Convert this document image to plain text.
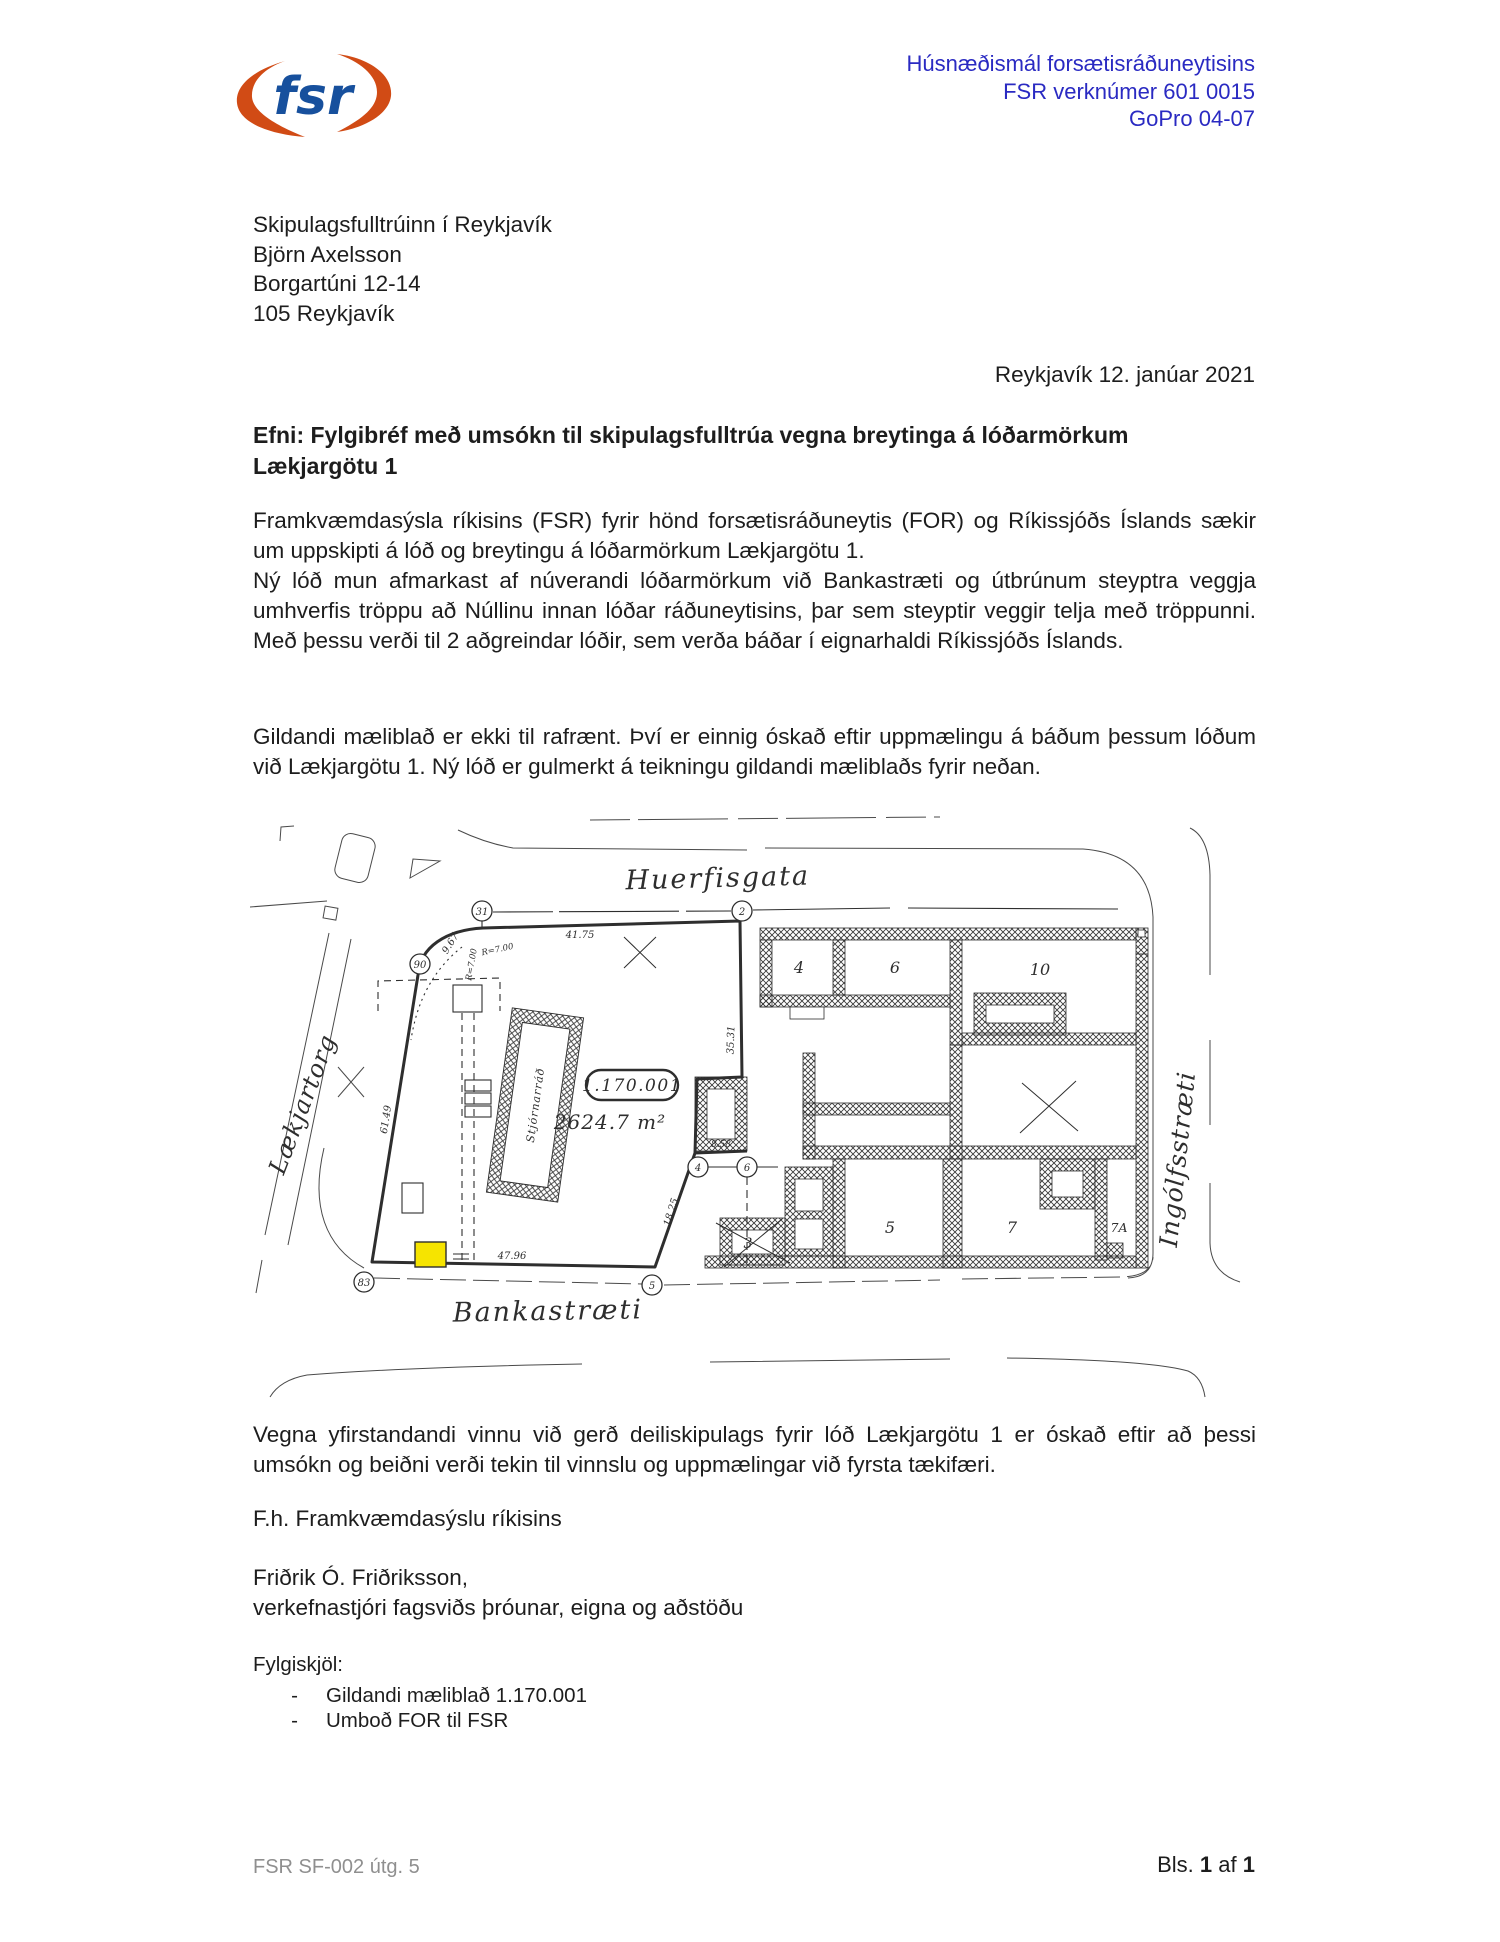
fsr
Húsnæðismál forsætisráðuneytisins
FSR verknúmer 601 0015
GoPro 04-07
Skipulagsfulltrúinn í Reykjavík
Björn Axelsson
Borgartúni 12-14
105 Reykjavík
Reykjavík 12. janúar 2021
Efni: Fylgibréf með umsókn til skipulagsfulltrúa vegna breytinga á lóðarmörkum Lækjargötu 1

Framkvæmdasýsla ríkisins (FSR) fyrir hönd forsætisráðuneytis (FOR) og Ríkissjóðs Íslands sækir um uppskipti á lóð og breytingu á lóðarmörkum Lækjargötu 1.

Ný lóð mun afmarkast af núverandi lóðarmörkum við Bankastræti og útbrúnum steyptra veggja umhverfis tröppu að Núllinu innan lóðar ráðuneytisins, þar sem steyptir veggir telja með tröppunni. Með þessu verði til 2 aðgreindar lóðir, sem verða báðar í eignarhaldi Ríkissjóðs Íslands.

Gildandi mæliblað er ekki til rafrænt. Því er einnig óskað eftir uppmælingu á báðum þessum lóðum við Lækjargötu 1. Ný lóð er gulmerkt á teikningu gildandi mæliblaðs fyrir neðan.

Stjórnarráð 1.170.001
2624.7 m²
Huerfisgata
Bankastræti
Lækjartorg	Ingólfsstræti
4	6	10
5	7	7A
3
31	2
90
83	5
4	6
41.75
35.31
8.58
18.25
47.96
61.49
9.67
R=7.00 R=7.00

Vegna yfirstandandi vinnu við gerð deiliskipulags fyrir lóð Lækjargötu 1 er óskað eftir að þessi umsókn og beiðni verði tekin til vinnslu og uppmælingar við fyrsta tækifæri.

F.h. Framkvæmdasýslu ríkisins
Friðrik Ó. Friðriksson,
verkefnastjóri fagsviðs þróunar, eigna og aðstöðu
Fylgiskjöl:
-	Gildandi mæliblað 1.170.001
-	Umboð FOR til FSR
FSR SF-002 útg. 5	Bls. 1 af 1
